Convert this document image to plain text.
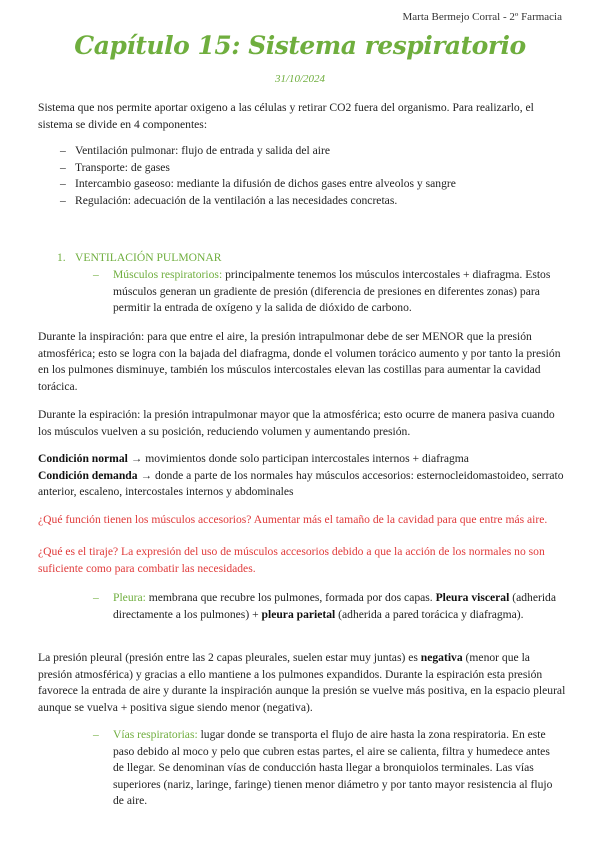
Marta Bermejo Corral - 2º Farmacia
Capítulo 15: Sistema respiratorio
31/10/2024

Sistema que nos permite aportar oxigeno a las células y retirar CO2 fuera del organismo. Para realizarlo, el sistema se divide en 4 componentes:

– Ventilación pulmonar: flujo de entrada y salida del aire
– Transporte: de gases
– Intercambio gaseoso: mediante la difusión de dichos gases entre alveolos y sangre
– Regulación: adecuación de la ventilación a las necesidades concretas.
1. VENTILACIÓN PULMONAR
–	Músculos respiratorios: principalmente tenemos los músculos intercostales + diafragma. Estos músculos generan un gradiente de presión (diferencia de presiones en diferentes zonas) para permitir la entrada de oxígeno y la salida de dióxido de carbono.

Durante la inspiración: para que entre el aire, la presión intrapulmonar debe de ser MENOR que la presión atmosférica; esto se logra con la bajada del diafragma, donde el volumen torácico aumento y por tanto la presión en los pulmones disminuye, también los músculos intercostales elevan las costillas para aumentar la cavidad torácica.

Durante la espiración: la presión intrapulmonar mayor que la atmosférica; esto ocurre de manera pasiva cuando los músculos vuelven a su posición, reduciendo volumen y aumentando presión.

Condición normal → movimientos donde solo participan intercostales internos + diafragma
Condición demanda → donde a parte de los normales hay músculos accesorios: esternocleidomastoideo, serrato anterior, escaleno, intercostales internos y abdominales

¿Qué función tienen los músculos accesorios? Aumentar más el tamaño de la cavidad para que entre más aire.

¿Qué es el tiraje? La expresión del uso de músculos accesorios debido a que la acción de los normales no son suficiente como para combatir las necesidades.

–	Pleura: membrana que recubre los pulmones, formada por dos capas. Pleura visceral (adherida directamente a los pulmones) + pleura parietal (adherida a pared torácica y diafragma).

La presión pleural (presión entre las 2 capas pleurales, suelen estar muy juntas) es negativa (menor que la presión atmosférica) y gracias a ello mantiene a los pulmones expandidos. Durante la espiración esta presión favorece la entrada de aire y durante la inspiración aunque la presión se vuelve más positiva, en la espacio pleural aunque se vuelva + positiva sigue siendo menor (negativa).

–	Vías respiratorias: lugar donde se transporta el flujo de aire hasta la zona respiratoria. En este paso debido al moco y pelo que cubren estas partes, el aire se calienta, filtra y humedece antes de llegar. Se denominan vías de conducción hasta llegar a bronquiolos terminales. Las vías superiores (nariz, laringe, faringe) tienen menor diámetro y por tanto mayor resistencia al flujo de aire.
